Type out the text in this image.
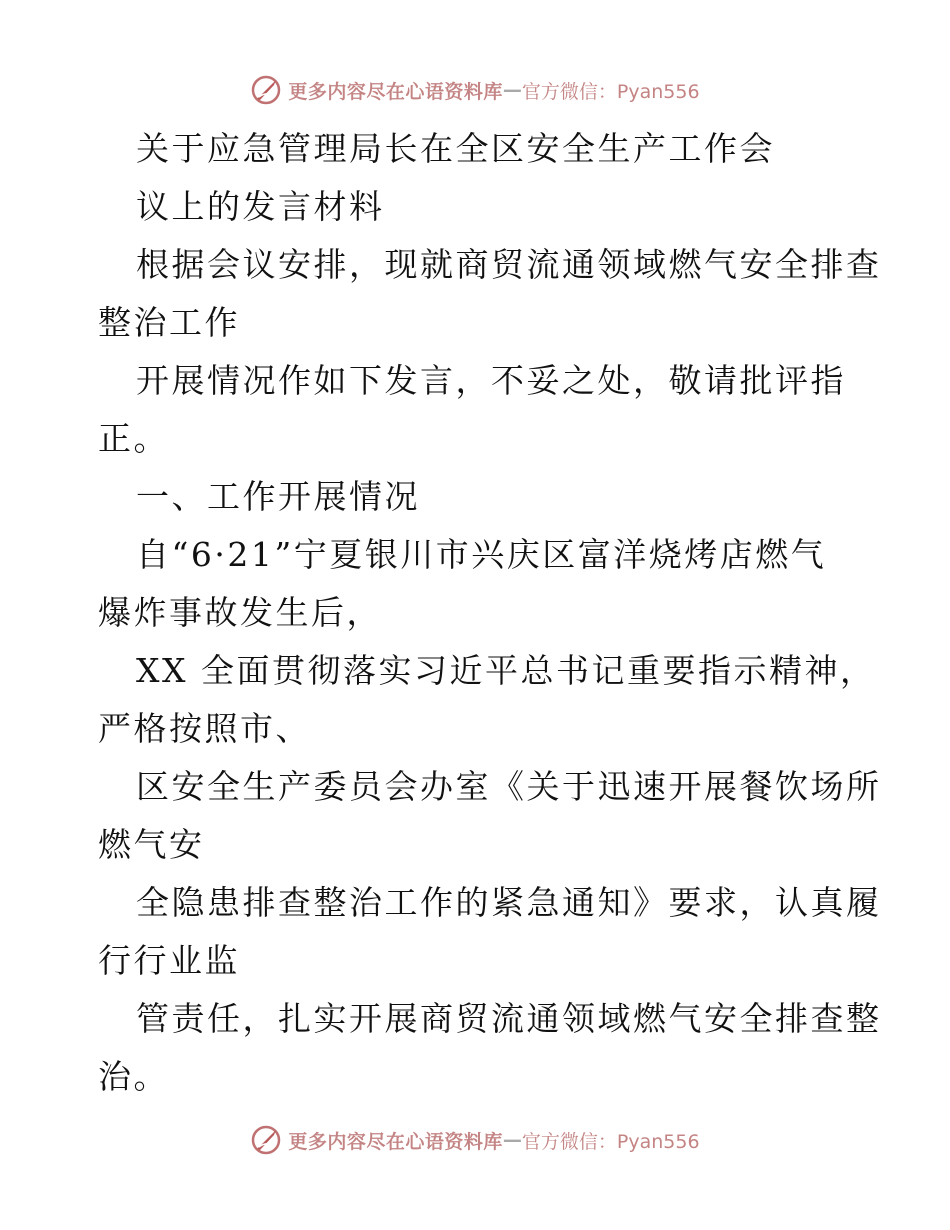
更多内容尽在心语资料库 — 官方微信：Pyan556
关于应急管理局长在全区安全生产工作会
议上的发言材料
根据会议安排，现就商贸流通领域燃气安全排查
整治工作
开展情况作如下发言，不妥之处，敬请批评指
正。
一、工作开展情况
自“6·21”宁夏银川市兴庆区富洋烧烤店燃气
爆炸事故发生后，
XX 全面贯彻落实习近平总书记重要指示精神，
严格按照市、
区安全生产委员会办室《关于迅速开展餐饮场所
燃气安
全隐患排查整治工作的紧急通知》要求，认真履
行行业监
管责任，扎实开展商贸流通领域燃气安全排查整
治。
更多内容尽在心语资料库 — 官方微信：Pyan556
